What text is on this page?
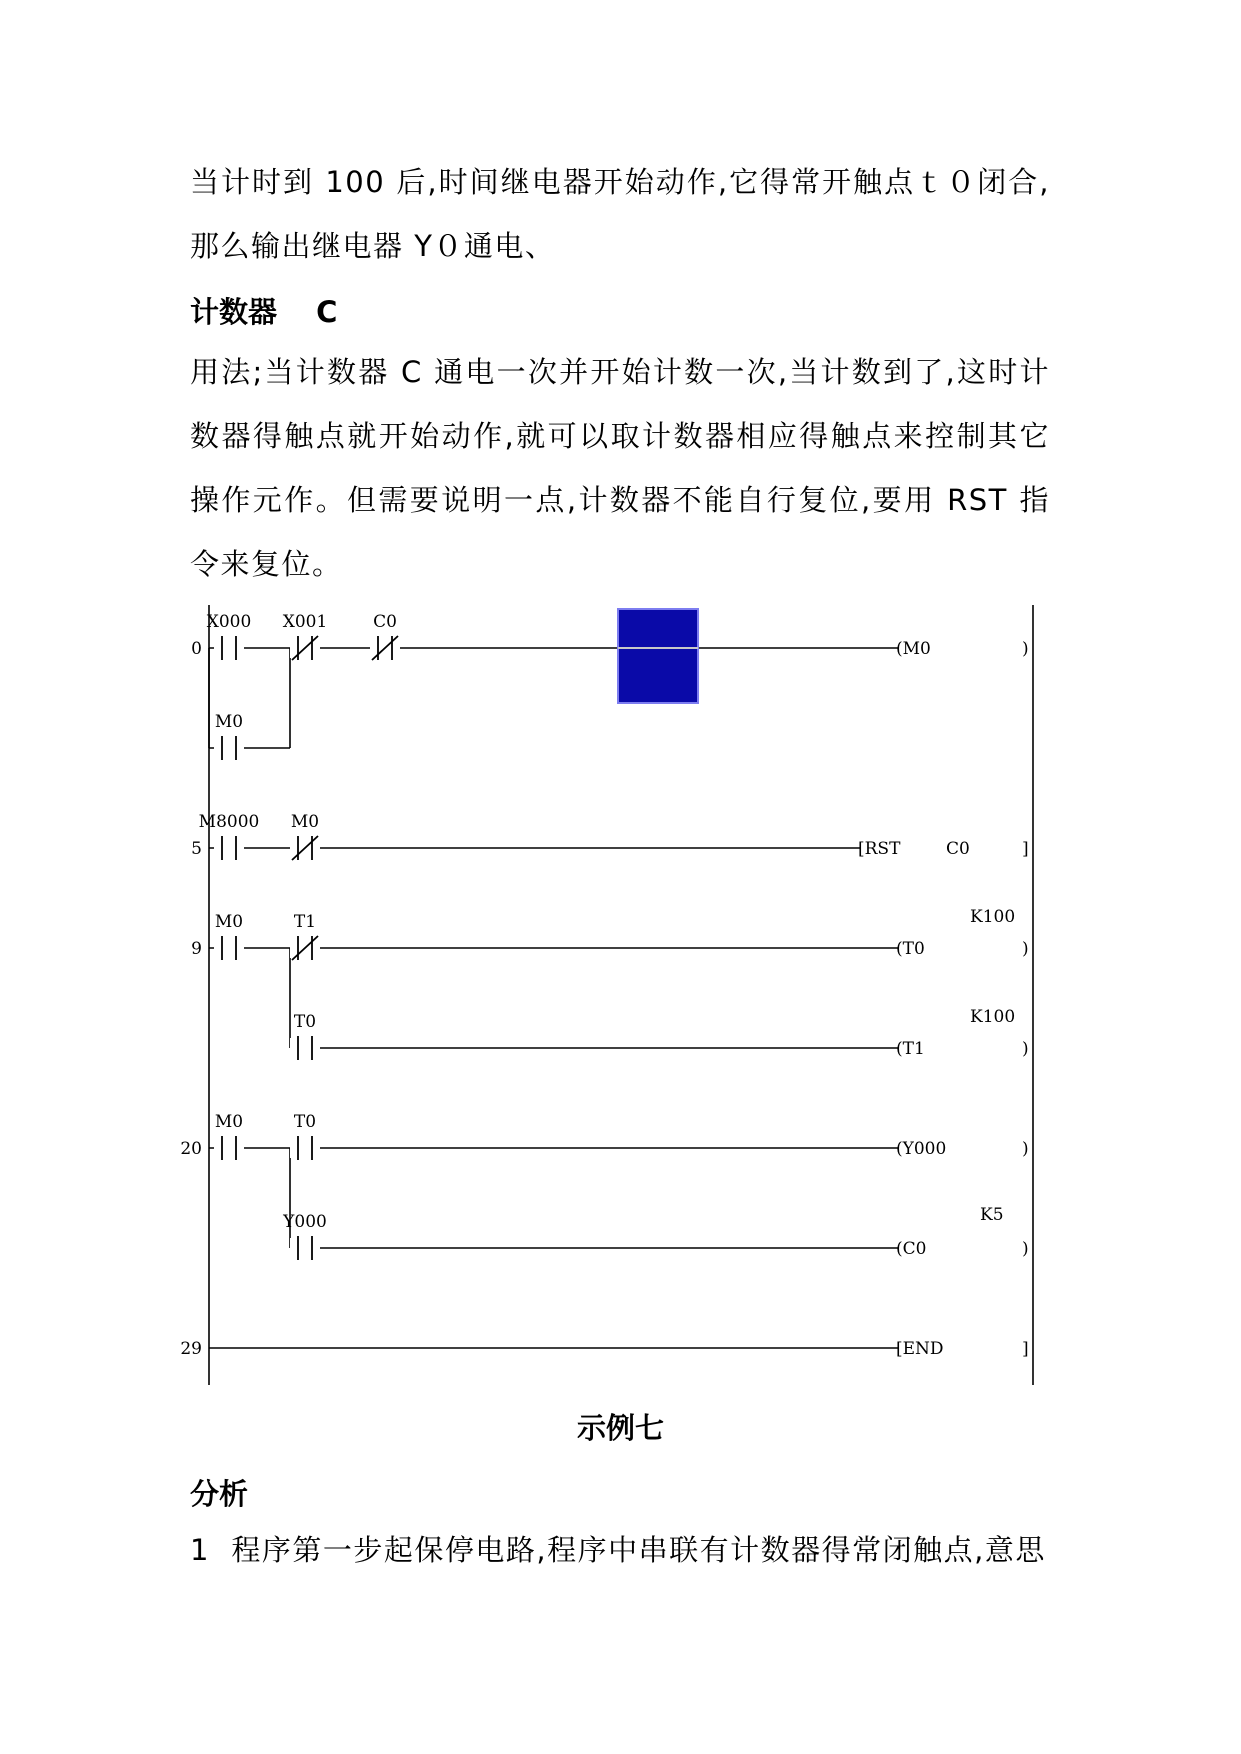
当计时到 100 后,时间继电器开始动作,它得常开触点ｔ０闭合,那么输出继电器 Y０通电、

计数器　 C

用法;当计数器 C 通电一次并开始计数一次,当计数到了,这时计数器得触点就开始动作,就可以取计数器相应得触点来控制其它操作元作。但需要说明一点,计数器不能自行复位,要用 RST 指令来复位。

0
5
9
20
29
X000 X001	C0
M0
M8000 M0
M0	T1
T0
M0	T0
Y000
(M0	)
[RST	C0	]
K100
(T0	)
K100
(T1	)
(Y000	)
K5
(C0	)
[END	]

示例七

分析

1  程序第一步起保停电路,程序中串联有计数器得常闭触点,意思
